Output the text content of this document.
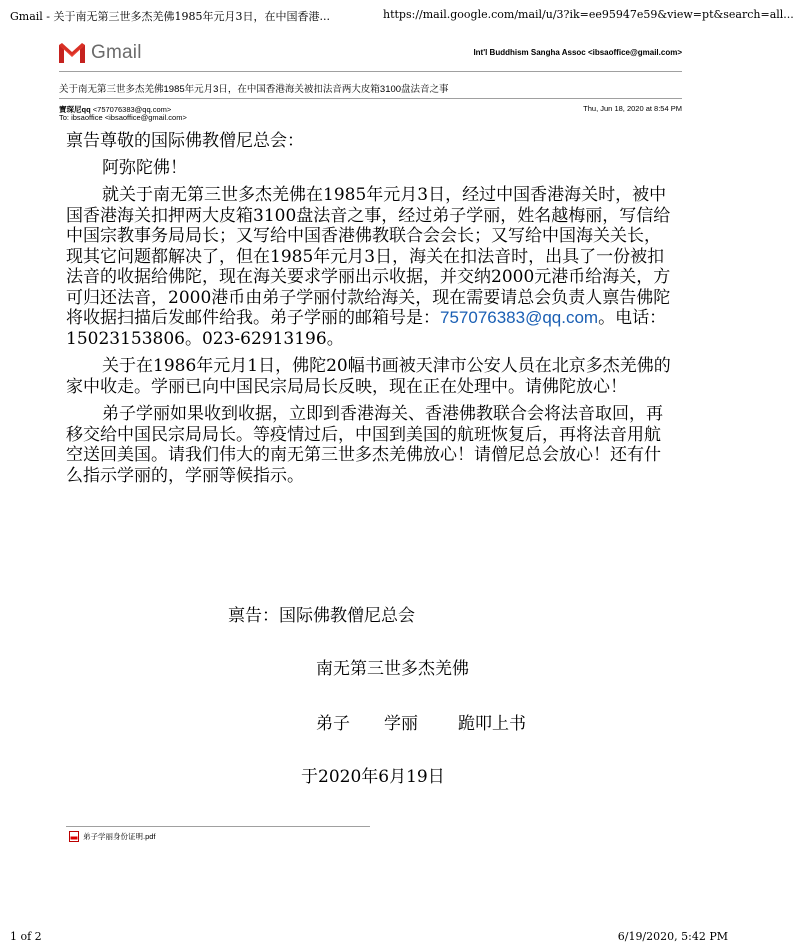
Gmail - 关于南无第三世多杰羌佛1985年元月3日，在中国香港...	https://mail.google.com/mail/u/3?ik=ee95947e59&view=pt&search=all...
Gmail	Int'l Buddhism Sangha Assoc <ibsaoffice@gmail.com>
关于南无第三世多杰羌佛1985年元月3日，在中国香港海关被扣法音两大皮箱3100盘法音之事
寶琛尼qq <757076383@qq.com>
To: ibsaoffice <ibsaoffice@gmail.com>
Thu, Jun 18, 2020 at 8:54 PM

禀告尊敬的国际佛教僧尼总会：

阿弥陀佛！

就关于南无第三世多杰羌佛在1985年元月3日，经过中国香港海关时，被中国香港海关扣押两大皮箱3100盘法音之事，经过弟子学丽，姓名越梅丽，写信给中国宗教事务局局长；又写给中国香港佛教联合会会长；又写给中国海关关长，现其它问题都解决了，但在1985年元月3日，海关在扣法音时，出具了一份被扣法音的收据给佛陀，现在海关要求学丽出示收据，并交纳2000元港币给海关，方可归还法音，2000港币由弟子学丽付款给海关，现在需要请总会负责人禀告佛陀将收据扫描后发邮件给我。弟子学丽的邮箱号是：757076383@qq.com。电话：15023153806。023-62913196。

关于在1986年元月1日，佛陀20幅书画被天津市公安人员在北京多杰羌佛的家中收走。学丽已向中国民宗局局长反映，现在正在处理中。请佛陀放心！

弟子学丽如果收到收据，立即到香港海关、香港佛教联合会将法音取回，再移交给中国民宗局局长。等疫情过后，中国到美国的航班恢复后，再将法音用航空送回美国。请我们伟大的南无第三世多杰羌佛放心！请僧尼总会放心！还有什么指示学丽的，学丽等候指示。

禀告：国际佛教僧尼总会
南无第三世多杰羌佛
弟子 学丽 跪叩上书
于2020年6月19日
弟子学丽身份证明.pdf
1 of 2	6/19/2020, 5:42 PM
